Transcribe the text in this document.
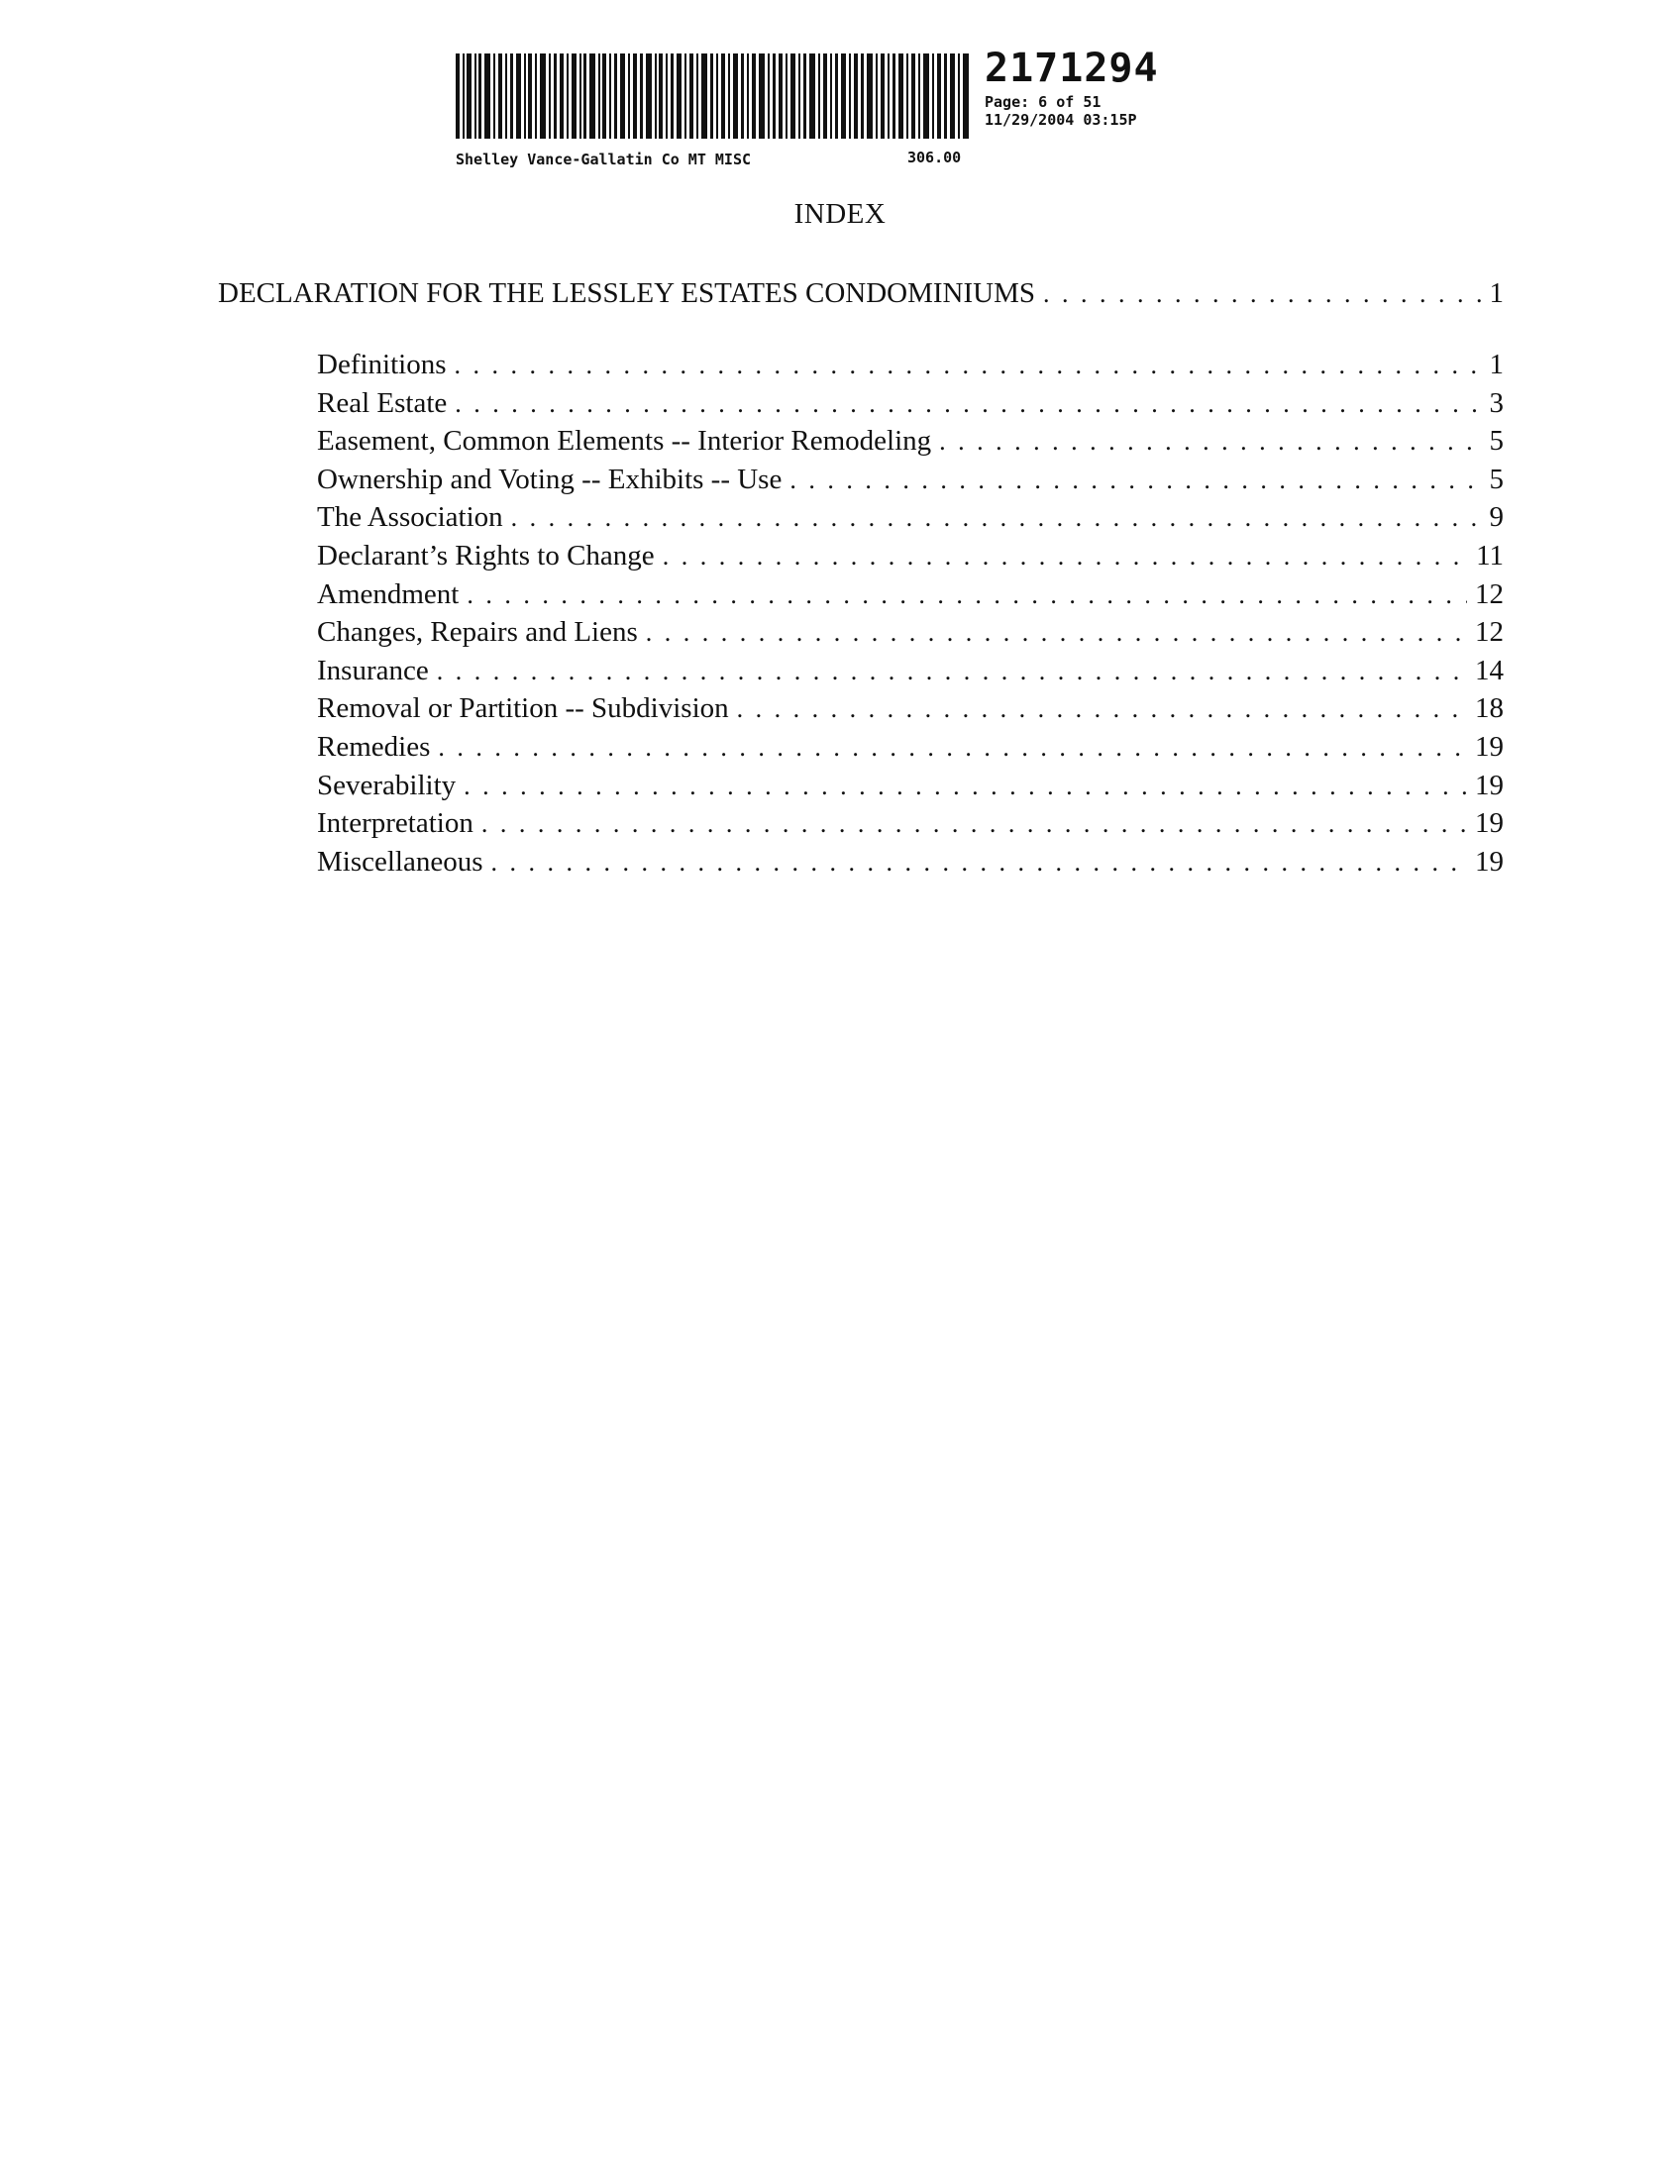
2171294
Page: 6 of 51
11/29/2004 03:15P
Shelley Vance-Gallatin Co MT MISC	306.00
INDEX
DECLARATION FOR THE LESSLEY ESTATES CONDOMINIUMS . . .	1
Definitions . . .	1
Real Estate . . .	3
Easement, Common Elements -- Interior Remodeling . . .	5
Ownership and Voting -- Exhibits -- Use . . .	5
The Association . . .	9
Declarant’s Rights to Change . . .	11
Amendment . . .	12
Changes, Repairs and Liens . . .	12
Insurance . . .	14
Removal or Partition -- Subdivision . . .	18
Remedies . . .	19
Severability . . .	19
Interpretation . . .	19
Miscellaneous . . .	19
